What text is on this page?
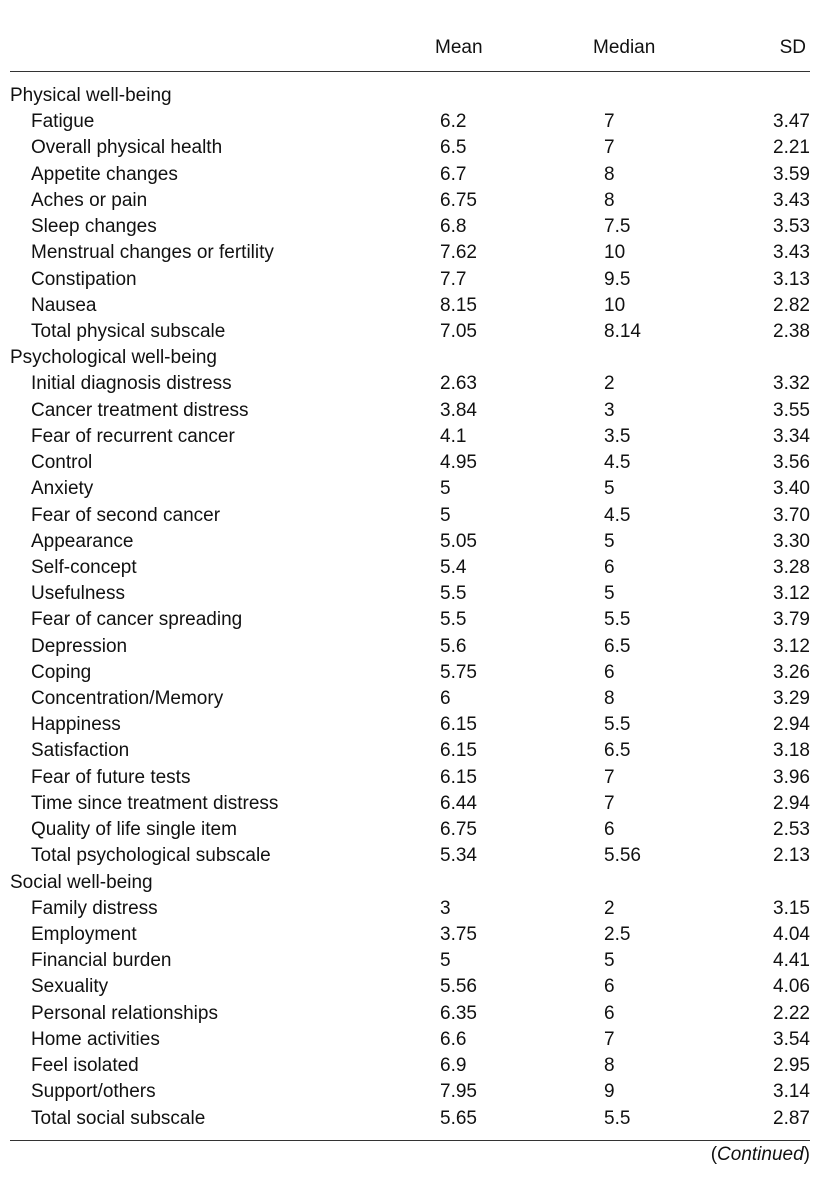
Mean	Median	SD
Physical well-being
Fatigue	6.2	7	3.47
Overall physical health	6.5	7	2.21
Appetite changes	6.7	8	3.59
Aches or pain	6.75	8	3.43
Sleep changes	6.8	7.5	3.53
Menstrual changes or fertility	7.62	10	3.43
Constipation	7.7	9.5	3.13
Nausea	8.15	10	2.82
Total physical subscale	7.05	8.14	2.38
Psychological well-being
Initial diagnosis distress	2.63	2	3.32
Cancer treatment distress	3.84	3	3.55
Fear of recurrent cancer	4.1	3.5	3.34
Control	4.95	4.5	3.56
Anxiety	5	5	3.40
Fear of second cancer	5	4.5	3.70
Appearance	5.05	5	3.30
Self-concept	5.4	6	3.28
Usefulness	5.5	5	3.12
Fear of cancer spreading	5.5	5.5	3.79
Depression	5.6	6.5	3.12
Coping	5.75	6	3.26
Concentration/Memory	6	8	3.29
Happiness	6.15	5.5	2.94
Satisfaction	6.15	6.5	3.18
Fear of future tests	6.15	7	3.96
Time since treatment distress	6.44	7	2.94
Quality of life single item	6.75	6	2.53
Total psychological subscale	5.34	5.56	2.13
Social well-being
Family distress	3	2	3.15
Employment	3.75	2.5	4.04
Financial burden	5	5	4.41
Sexuality	5.56	6	4.06
Personal relationships	6.35	6	2.22
Home activities	6.6	7	3.54
Feel isolated	6.9	8	2.95
Support/others	7.95	9	3.14
Total social subscale	5.65	5.5	2.87
(Continued)
